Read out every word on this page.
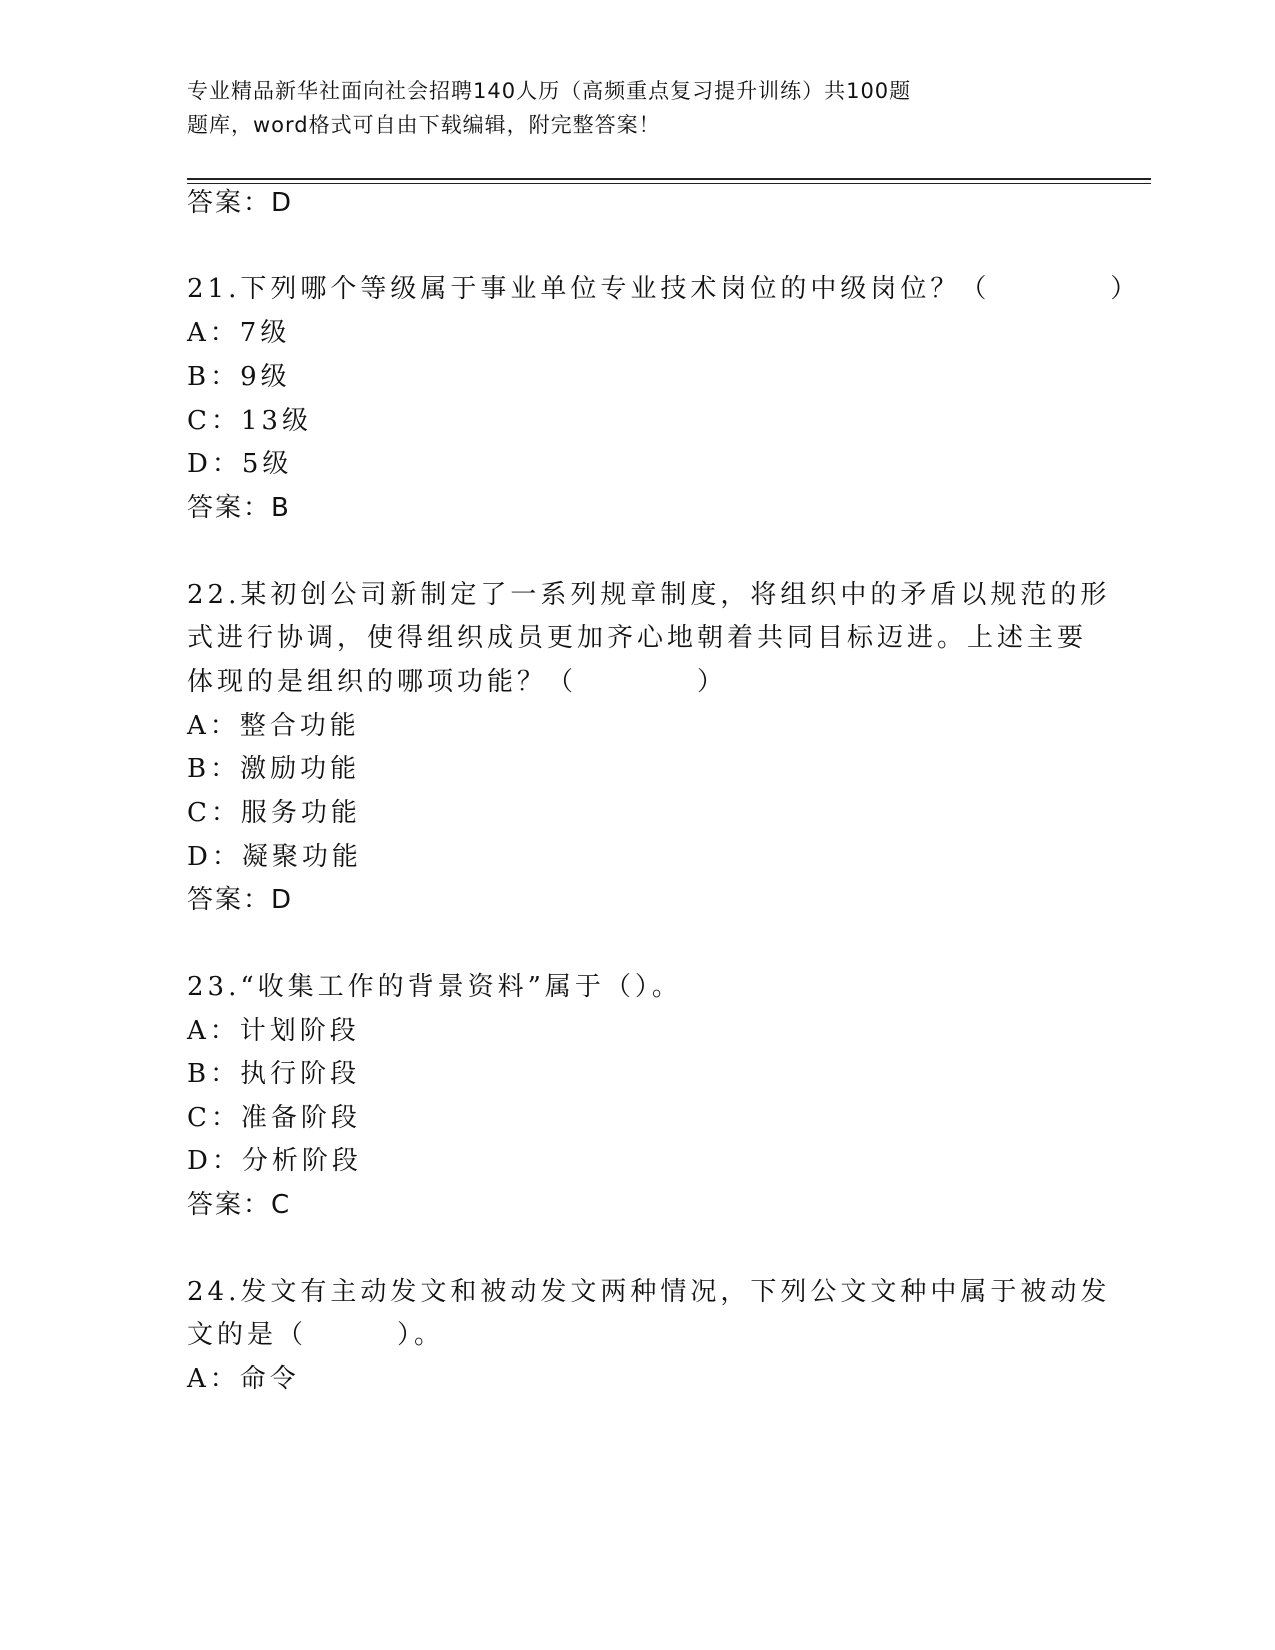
专业精品新华社面向社会招聘140人历（高频重点复习提升训练）共100题
题库，word格式可自由下载编辑，附完整答案！
答案：D
21.下列哪个等级属于事业单位专业技术岗位的中级岗位？（　　　　）
A：7级
B：9级
C：13级
D：5级
答案：B
22.某初创公司新制定了一系列规章制度，将组织中的矛盾以规范的形
式进行协调，使得组织成员更加齐心地朝着共同目标迈进。上述主要
体现的是组织的哪项功能？（　　　　）
A：整合功能
B：激励功能
C：服务功能
D：凝聚功能
答案：D
23.“收集工作的背景资料”属于（）。
A：计划阶段
B：执行阶段
C：准备阶段
D：分析阶段
答案：C
24.发文有主动发文和被动发文两种情况，下列公文文种中属于被动发
文的是（　　　）。
A：命令
